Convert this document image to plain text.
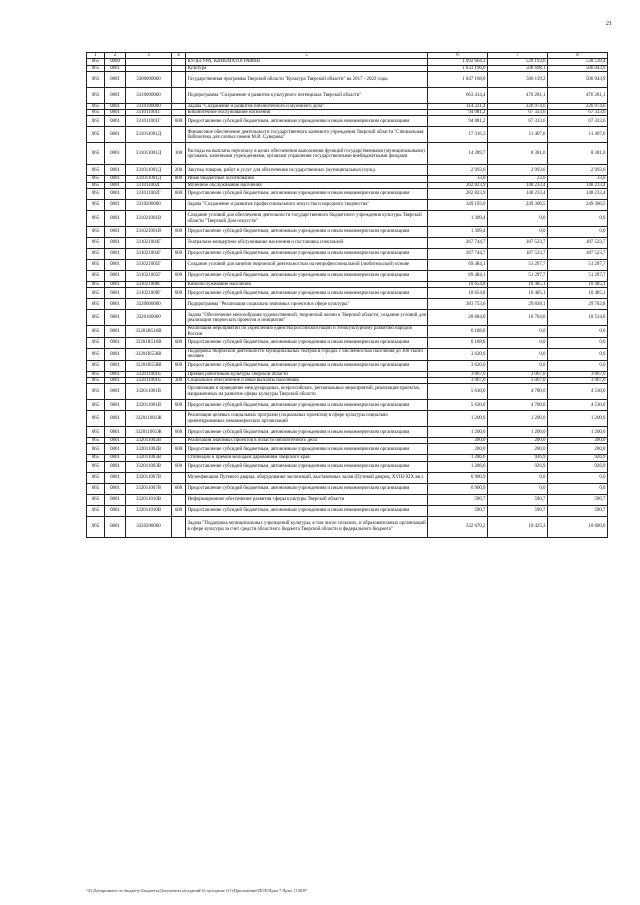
21
1	2	3	4	5	6	7	8
065	0800			КУЛЬТУРА, КИНЕМАТОГРАФИЯ	1 092 664,3	539 193,6	538 539,4
065	0801			Культура	1 033 196,0	506 698,1	506 043,9
065	0801	3300000000		Государственная программа Тверской области "Культура Тверской области" на 2017 - 2022 годы	1 047 168,0	506 119,2	506 043,9
065	0801	3310000000		Подпрограмма "Сохранение и развитие культурного потенциала Тверской области"	663 414,4	476 281,1	476 281,1
065	0801	3310100000		Задача "Сохранение и развитие библиотечного и музейного дела"	314 221,4	226 974,6	226 974,6
065	0801	331011001Г		Библиотечное обслуживание населения	94 081,2	67 333,6	67 333,6
065	0801	331011001Г	600	Предоставление субсидий бюджетным, автономным учреждениям и иным некоммерческим организациям	94 081,2	67 333,6	67 333,6
065	0801	331011001Д		Финансовое обеспечение деятельности государственного казенного учреждения Тверской области "Специальная библиотека для слепых имени М.И. Суворова"	17 316,3	11 407,6	11 407,6
065	0801	331011001Д	100	Расходы на выплаты персоналу в целях обеспечения выполнения функций государственными (муниципальными) органами, казенными учреждениями, органами управления государственными внебюджетными фондами	14 289,7	8 381,0	8 381,0
065	0801	331011001Д	200	Закупка товаров, работ и услуг для обеспечения государственных (муниципальных) нужд	2 993,6	2 993,6	2 993,6
065	0801	331011001Д	800	Иные бюджетные ассигнования	33,0	33,0	33,0
065	0801	331011002Г		Музейное обслуживание населения	202 823,9	148 233,4	148 233,4
065	0801	331011002Г	600	Предоставление субсидий бюджетным, автономным учреждениям и иным некоммерческим организациям	202 823,9	148 233,4	148 233,4
065	0801	3310200000		Задача "Сохранение и развитие профессионального искусства и народного творчества"	349 193,0	249 306,5	249 306,5
065	0801	331021001В		Создание условий для обеспечения деятельности государственного бюджетного учреждения культуры Тверской области "Тверской Дом искусств"	1 309,4	0,0	0,0
065	0801	331021001В	600	Предоставление субсидий бюджетным, автономным учреждениям и иным некоммерческим организациям	1 309,4	0,0	0,0
065	0801	331021004Г		Театрально-концертное обслуживание населения и постановка спектаклей	267 744,7	187 523,7	187 523,7
065	0801	331021004Г	600	Предоставление субсидий бюджетным, автономным учреждениям и иным некоммерческим организациям	267 744,7	187 523,7	187 523,7
065	0801	331021005Г		Создание условий для занятия творческой деятельностью на непрофессиональной (любительской) основе	69 484,1	51 297,7	51 297,7
065	0801	331021005Г	600	Предоставление субсидий бюджетным, автономным учреждениям и иным некоммерческим организациям	69 484,1	51 297,7	51 297,7
065	0801	331021008Г		Кинообслуживание населения	10 654,8	10 485,1	10 485,1
065	0801	331021008Г	600	Предоставление субсидий бюджетным, автономным учреждениям и иным некоммерческим организациям	10 654,8	10 485,1	10 485,1
065	0801	3320000000		Подпрограмма "Реализация социально значимых проектов в сфере культуры"	383 753,6	29 838,1	29 762,8
065	0801	3320100000		Задача "Обеспечение многообразия художественной, творческой жизни в Тверской области, создание условий для реализации творческих проектов и инициатив"	28 684,0	10 764,6	10 514,6
065	0801	33201R516В		Реализация мероприятий по укреплению единства российской нации и этнокультурному развитию народов России	6 188,8	0,0	0,0
065	0801	33201R516В	600	Предоставление субсидий бюджетным, автономным учреждениям и иным некоммерческим организациям	6 188,8	0,0	0,0
065	0801	33201R558В		Поддержка творческой деятельности муниципальных театров в городах с численностью населения до 300 тысяч человек	3 620,0	0,0	0,0
065	0801	33201R558В	600	Предоставление субсидий бюджетным, автономным учреждениям и иным некоммерческим организациям	3 620,0	0,0	0,0
065	0801	332011001Б		Премии работникам культуры Тверской области	3 067,0	3 067,0	3 067,0
065	0801	332011001Б	300	Социальное обеспечение и иные выплаты населению	3 067,0	3 067,0	3 067,0
065	0801	332011001В		Организация и проведение международных, всероссийских, региональных мероприятий, реализация проектов, направленных на развитие сферы культуры Тверской области	5 630,0	4 780,0	4 530,0
065	0801	332011001В	600	Предоставление субсидий бюджетным, автономным учреждениям и иным некоммерческим организациям	5 630,0	4 780,0	4 530,0
065	0801	332011001Ж		Реализация целевых социальных программ (социальных проектов) в сфере культуры социально ориентированных некоммерческих организаций	1 200,0	1 200,0	1 200,0
065	0801	332011001Ж	600	Предоставление субсидий бюджетным, автономным учреждениям и иным некоммерческим организациям	1 200,0	1 200,0	1 200,0
065	0801	332011002В		Реализация значимых проектов в области библиотечного дела	200,0	200,0	200,0
065	0801	332011002В	600	Предоставление субсидий бюджетным, автономным учреждениям и иным некоммерческим организациям	200,0	200,0	200,0
065	0801	332011003В		Стипендии и премии молодым дарованиям Тверского края	1 286,6	926,9	926,9
065	0801	332011003В	600	Предоставление субсидий бюджетным, автономным учреждениям и иным некоммерческим организациям	1 286,6	926,9	926,9
065	0801	332011007В		Музеефикация Путевого дворца, оборудование экспозиций, выставочных залов (Путевой дворец, XVIII-XIX вв.)	6 900,9	0,0	0,0
065	0801	332011007В	600	Предоставление субсидий бюджетным, автономным учреждениям и иным некоммерческим организациям	6 900,9	0,0	0,0
065	0801	332011010В		Информационное обеспечение развития сферы культуры Тверской области	590,7	590,7	590,7
065	0801	332011010В	600	Предоставление субсидий бюджетным, автономным учреждениям и иным некоммерческим организациям	590,7	590,7	590,7
065	0801	3320200000		Задача "Поддержка муниципальных учреждений культуры, в том числе сельских, и образовательных организаций в сфере культуры за счет средств областного бюджета Тверской области и федерального бюджета"	332 670,2	10 425,3	10 600,0
\\Fs\Департамент по бюджету\Бюджеты\Документы заседаний\16 заседание (11)\Приложение\ПОЕ\Прил 7 Прил 11.ВОР
